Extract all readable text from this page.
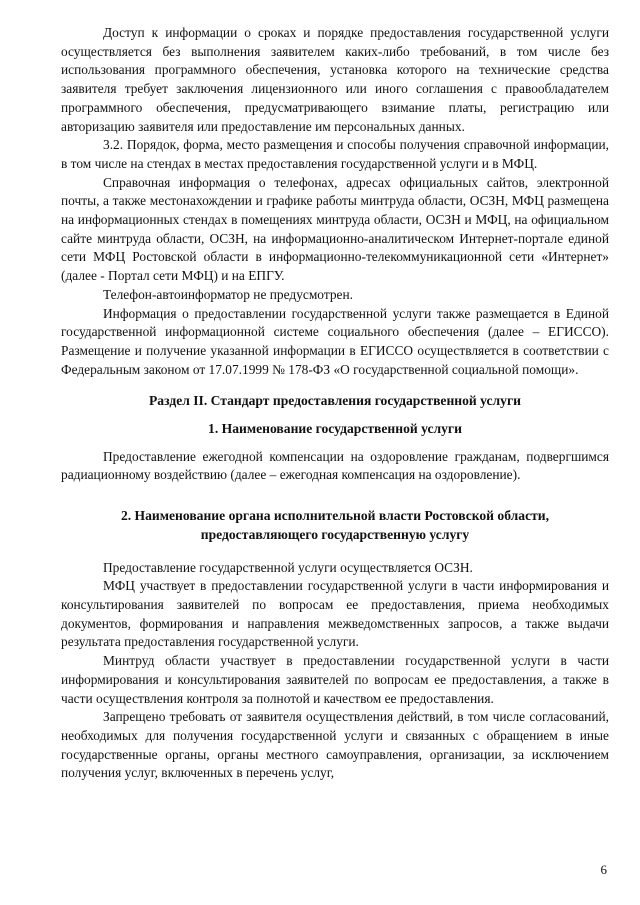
Доступ к информации о сроках и порядке предоставления государственной услуги осуществляется без выполнения заявителем каких-либо требований, в том числе без использования программного обеспечения, установка которого на технические средства заявителя требует заключения лицензионного или иного соглашения с правообладателем программного обеспечения, предусматривающего взимание платы, регистрацию или авторизацию заявителя или предоставление им персональных данных.

3.2. Порядок, форма, место размещения и способы получения справочной информации, в том числе на стендах в местах предоставления государственной услуги и в МФЦ.

Справочная информация о телефонах, адресах официальных сайтов, электронной почты, а также местонахождении и графике работы минтруда области, ОСЗН, МФЦ размещена на информационных стендах в помещениях минтруда области, ОСЗН и МФЦ, на официальном сайте минтруда области, ОСЗН, на информационно-аналитическом Интернет-портале единой сети МФЦ Ростовской области в информационно-телекоммуникационной сети «Интернет» (далее - Портал сети МФЦ) и на ЕПГУ.

Телефон-автоинформатор не предусмотрен.

Информация о предоставлении государственной услуги также размещается в Единой государственной информационной системе социального обеспечения (далее – ЕГИССО). Размещение и получение указанной информации в ЕГИССО осуществляется в соответствии с Федеральным законом от 17.07.1999 № 178-ФЗ «О государственной социальной помощи».

Раздел II. Стандарт предоставления государственной услуги
1. Наименование государственной услуги

Предоставление ежегодной компенсации на оздоровление гражданам, подвергшимся радиационному воздействию (далее – ежегодная компенсация на оздоровление).

2. Наименование органа исполнительной власти Ростовской области,
предоставляющего государственную услугу

Предоставление государственной услуги осуществляется ОСЗН.

МФЦ участвует в предоставлении государственной услуги в части информирования и консультирования заявителей по вопросам ее предоставления, приема необходимых документов, формирования и направления межведомственных запросов, а также выдачи результата предоставления государственной услуги.

Минтруд области участвует в предоставлении государственной услуги в части информирования и консультирования заявителей по вопросам ее предоставления, а также в части осуществления контроля за полнотой и качеством ее предоставления.

Запрещено требовать от заявителя осуществления действий, в том числе согласований, необходимых для получения государственной услуги и связанных с обращением в иные государственные органы, органы местного самоуправления, организации, за исключением получения услуг, включенных в перечень услуг,

6
